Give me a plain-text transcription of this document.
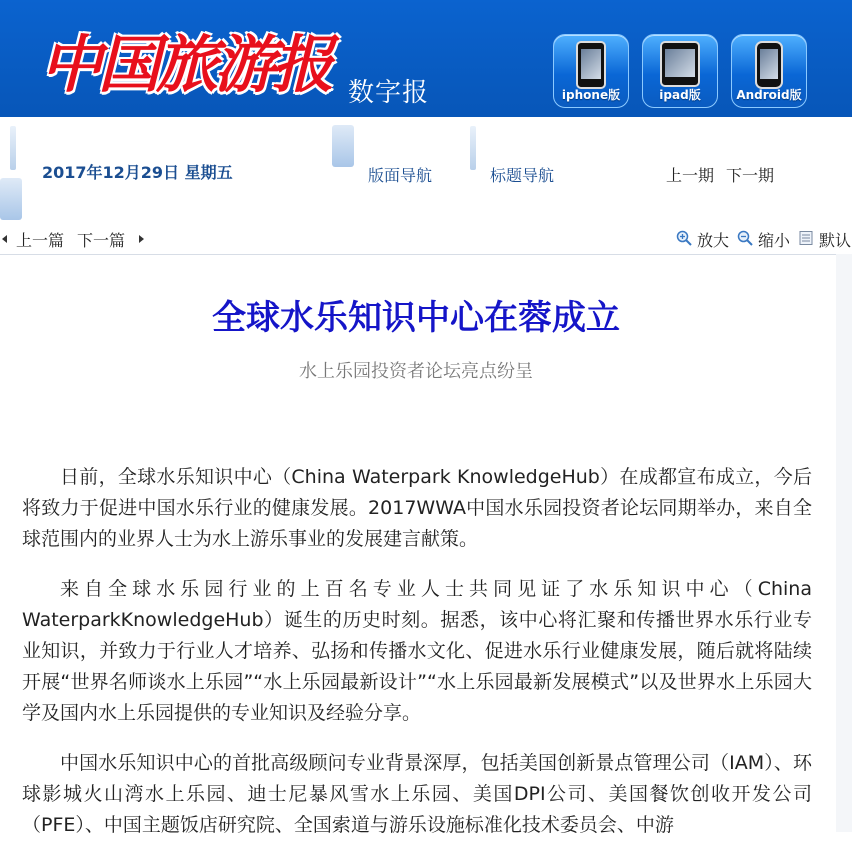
中国旅游报 数字报	iphone版	ipad版	Android版
2017年12月29日 星期五	版面导航	标题导航	上一期 下一期
上一篇 下一篇	放大 缩小 默认
全球水乐知识中心在蓉成立
水上乐园投资者论坛亮点纷呈
日前，全球水乐知识中心（China Waterpark KnowledgeHub）在成都宣布成立，今后将致力于促进中国水乐行业的健康发展。2017WWA中国水乐园投资者论坛同期举办，来自全球范围内的业界人士为水上游乐事业的发展建言献策。
来自全球水乐园行业的上百名专业人士共同见证了水乐知识中心（China WaterparkKnowledgeHub）诞生的历史时刻。据悉，该中心将汇聚和传播世界水乐行业专业知识，并致力于行业人才培养、弘扬和传播水文化、促进水乐行业健康发展，随后就将陆续开展“世界名师谈水上乐园”“水上乐园最新设计”“水上乐园最新发展模式”以及世界水上乐园大学及国内水上乐园提供的专业知识及经验分享。
中国水乐知识中心的首批高级顾问专业背景深厚，包括美国创新景点管理公司（IAM）、环球影城火山湾水上乐园、迪士尼暴风雪水上乐园、美国DPI公司、美国餐饮创收开发公司（PFE）、中国主题饭店研究院、全国索道与游乐设施标准化技术委员会、中游
